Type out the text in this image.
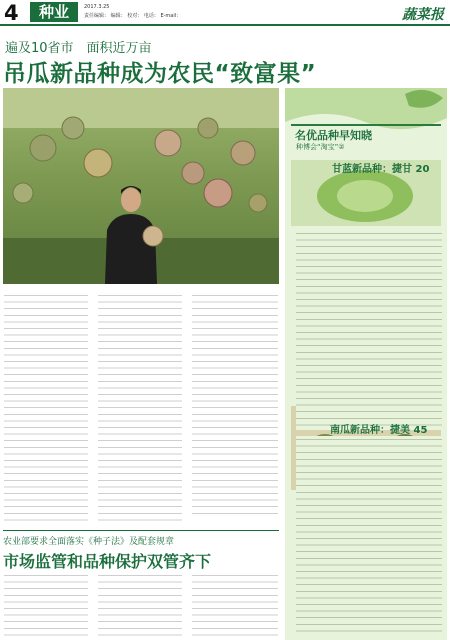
4	种业	2017.3.25
责任编辑： 编辑： 校对： 电话： E-mail：	蔬菜报
遍及10省市　面积近万亩
吊瓜新品种成为农民“致富果”
名优品种早知晓
种博会“淘宝”②
甘蓝新品种：捷甘 20
南瓜新品种：捷美 45
农业部要求全面落实《种子法》及配套规章
市场监管和品种保护双管齐下
